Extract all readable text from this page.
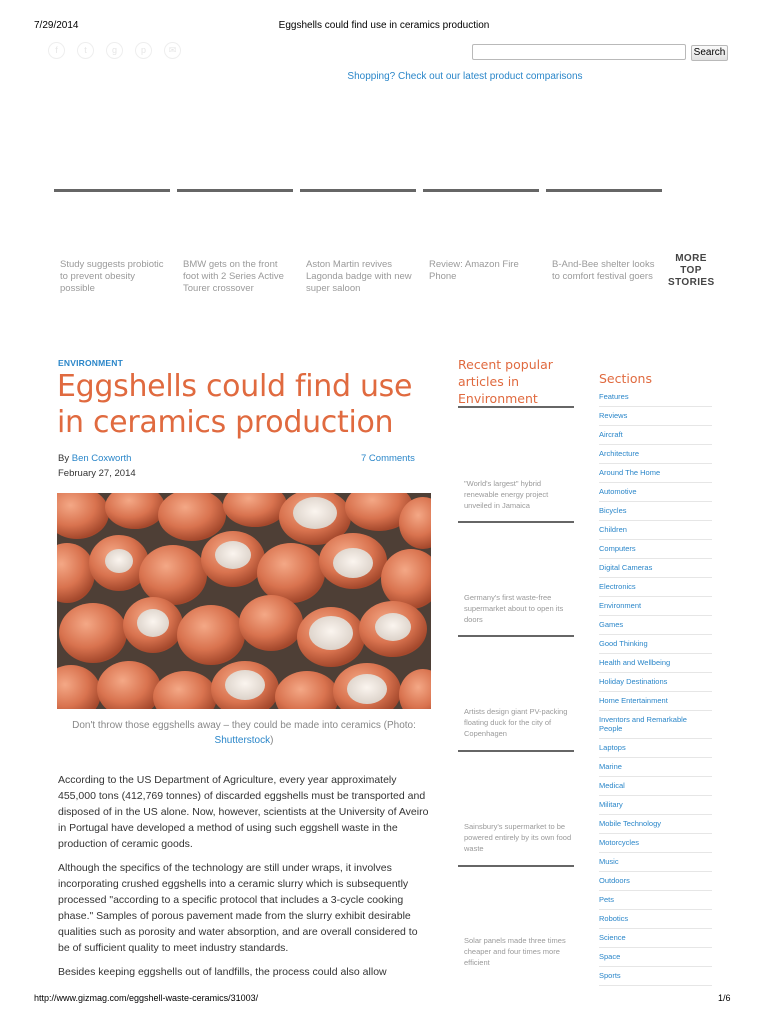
7/29/2014	Eggshells could find use in ceramics production
f	t	g	p	✉	Search
Shopping? Check out our latest product comparisons
Study suggests probiotic to prevent obesity possible
BMW gets on the front foot with 2 Series Active Tourer crossover
Aston Martin revives Lagonda badge with new super saloon
Review: Amazon Fire Phone
B-And-Bee shelter looks to comfort festival goers
MORE TOP STORIES
ENVIRONMENT
Eggshells could find use in ceramics production
By Ben Coxworth	7 Comments
February 27, 2014
Don't throw those eggshells away – they could be made into ceramics (Photo: Shutterstock)

According to the US Department of Agriculture, every year approximately 455,000 tons (412,769 tonnes) of discarded eggshells must be transported and disposed of in the US alone. Now, however, scientists at the University of Aveiro in Portugal have developed a method of using such eggshell waste in the production of ceramic goods.

Although the specifics of the technology are still under wraps, it involves incorporating crushed eggshells into a ceramic slurry which is subsequently processed "according to a specific protocol that includes a 3-cycle cooking phase." Samples of porous pavement made from the slurry exhibit desirable qualities such as porosity and water absorption, and are overall considered to be of sufficient quality to meet industry standards.

Besides keeping eggshells out of landfills, the process could also allow

Recent popular articles in Environment
"World's largest" hybrid renewable energy project unveiled in Jamaica
Germany's first waste-free supermarket about to open its doors
Artists design giant PV-packing floating duck for the city of Copenhagen
Sainsbury's supermarket to be powered entirely by its own food waste
Solar panels made three times cheaper and four times more efficient
Sections
Features
Reviews
Aircraft
Architecture
Around The Home
Automotive
Bicycles
Children
Computers
Digital Cameras
Electronics
Environment
Games
Good Thinking
Health and Wellbeing
Holiday Destinations
Home Entertainment
Inventors and Remarkable People
Laptops
Marine
Medical
Military
Mobile Technology
Motorcycles
Music
Outdoors
Pets
Robotics
Science
Space
Sports
http://www.gizmag.com/eggshell-waste-ceramics/31003/	1/6
